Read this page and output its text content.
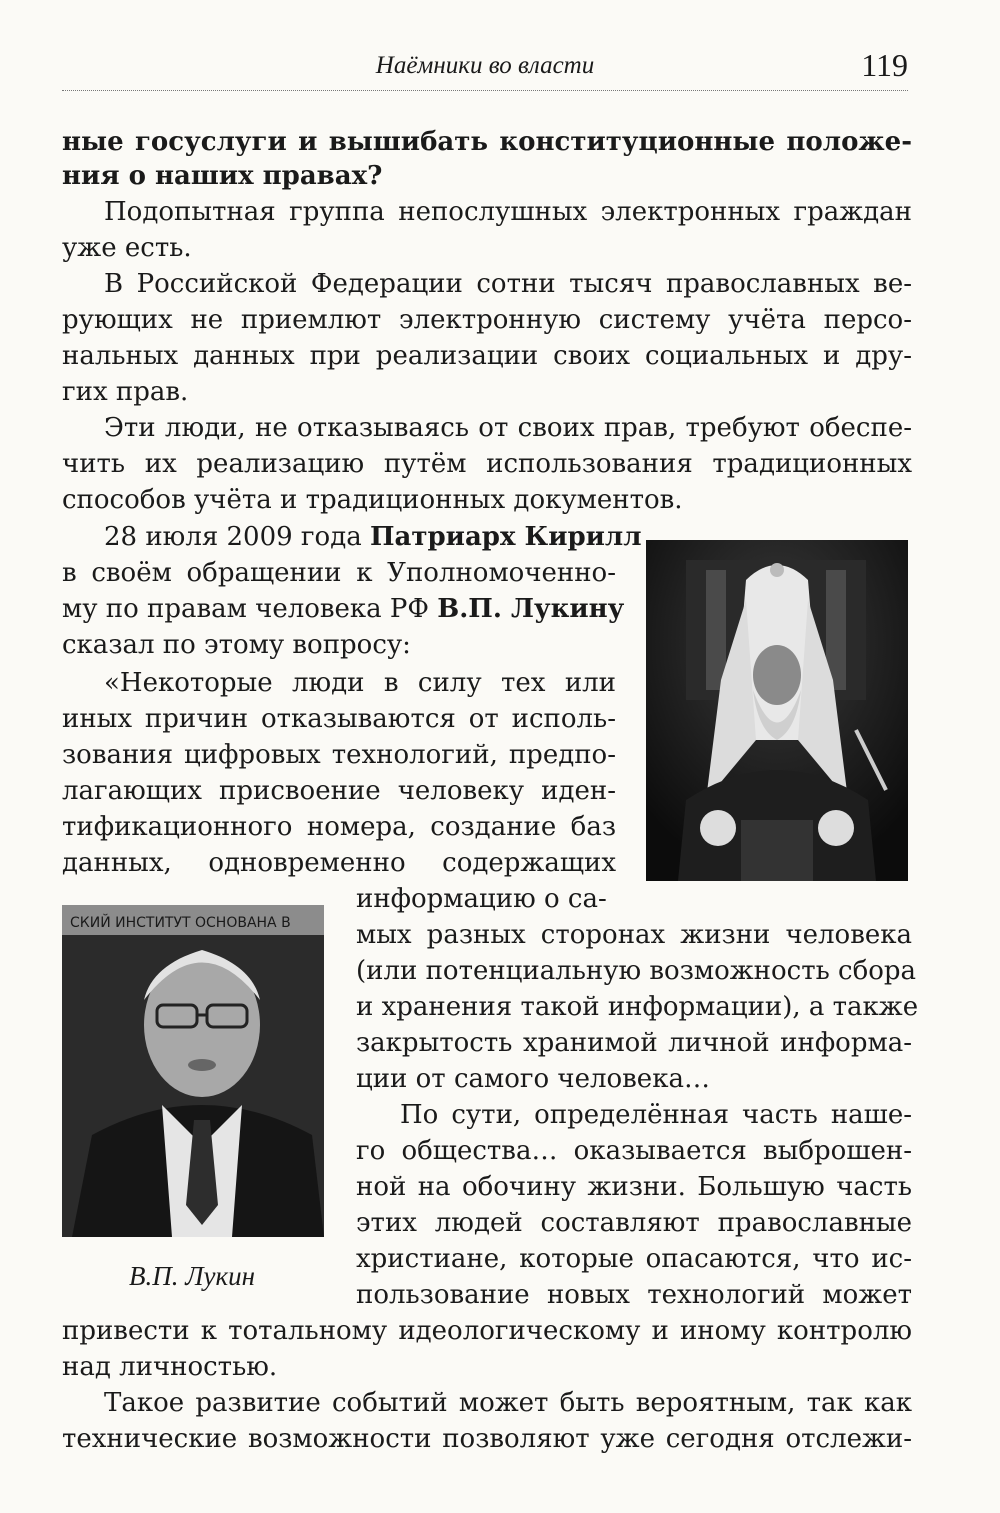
Наёмники во власти	119
ные госуслуги и вышибать конституционные положе-
ния о наших правах?
Подопытная группа непослушных электронных граждан
уже есть.
В Российской Федерации сотни тысяч православных ве-
рующих не приемлют электронную систему учёта персо-
нальных данных при реализации своих социальных и дру-
гих прав.
Эти люди, не отказываясь от своих прав, требуют обеспе-
чить их реализацию путём использования традиционных
способов учёта и традиционных документов.
28 июля 2009 года Патриарх Кирилл
в своём обращении к Уполномоченно-
му по правам человека РФ В.П. Лукину
сказал по этому вопросу:
«Некоторые люди в силу тех или
иных причин отказываются от исполь-
зования цифровых технологий, предпо-
лагающих присвоение человеку иден-
тификационного номера, создание баз
данных, одновременно содержащих
информацию о са-
мых разных сторонах жизни человека
(или потенциальную возможность сбора
и хранения такой информации), а также
закрытость хранимой личной информа-
ции от самого человека…
По сути, определённая часть наше-
го общества… оказывается выброшен-
ной на обочину жизни. Большую часть
этих людей составляют православные
христиане, которые опасаются, что ис-
пользование новых технологий может
привести к тотальному идеологическому и иному контролю
над личностью.
Такое развитие событий может быть вероятным, так как
технические возможности позволяют уже сегодня отслежи-
СКИЙ ИНСТИТУТ ОСНОВАНА В
В.П. Лукин
